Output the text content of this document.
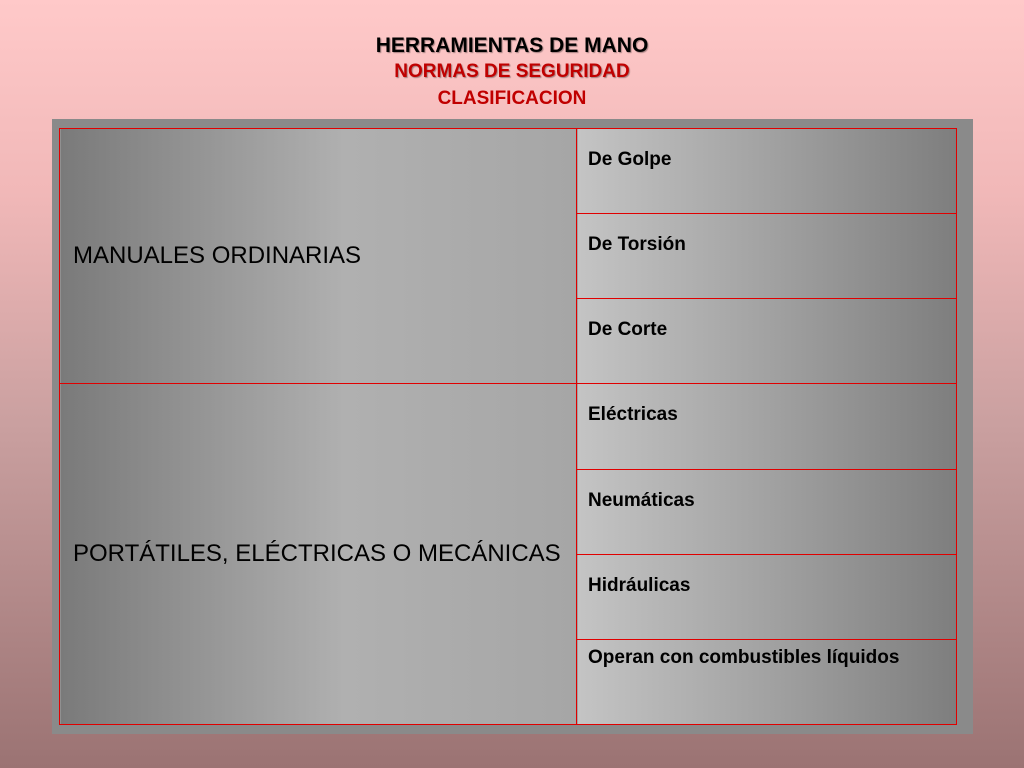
HERRAMIENTAS DE MANO
NORMAS DE SEGURIDAD
CLASIFICACION
MANUALES ORDINARIAS	De Golpe
	De Torsión
	De Corte
PORTÁTILES, ELÉCTRICAS O MECÁNICAS	Eléctricas
	Neumáticas
	Hidráulicas
	Operan con combustibles líquidos
